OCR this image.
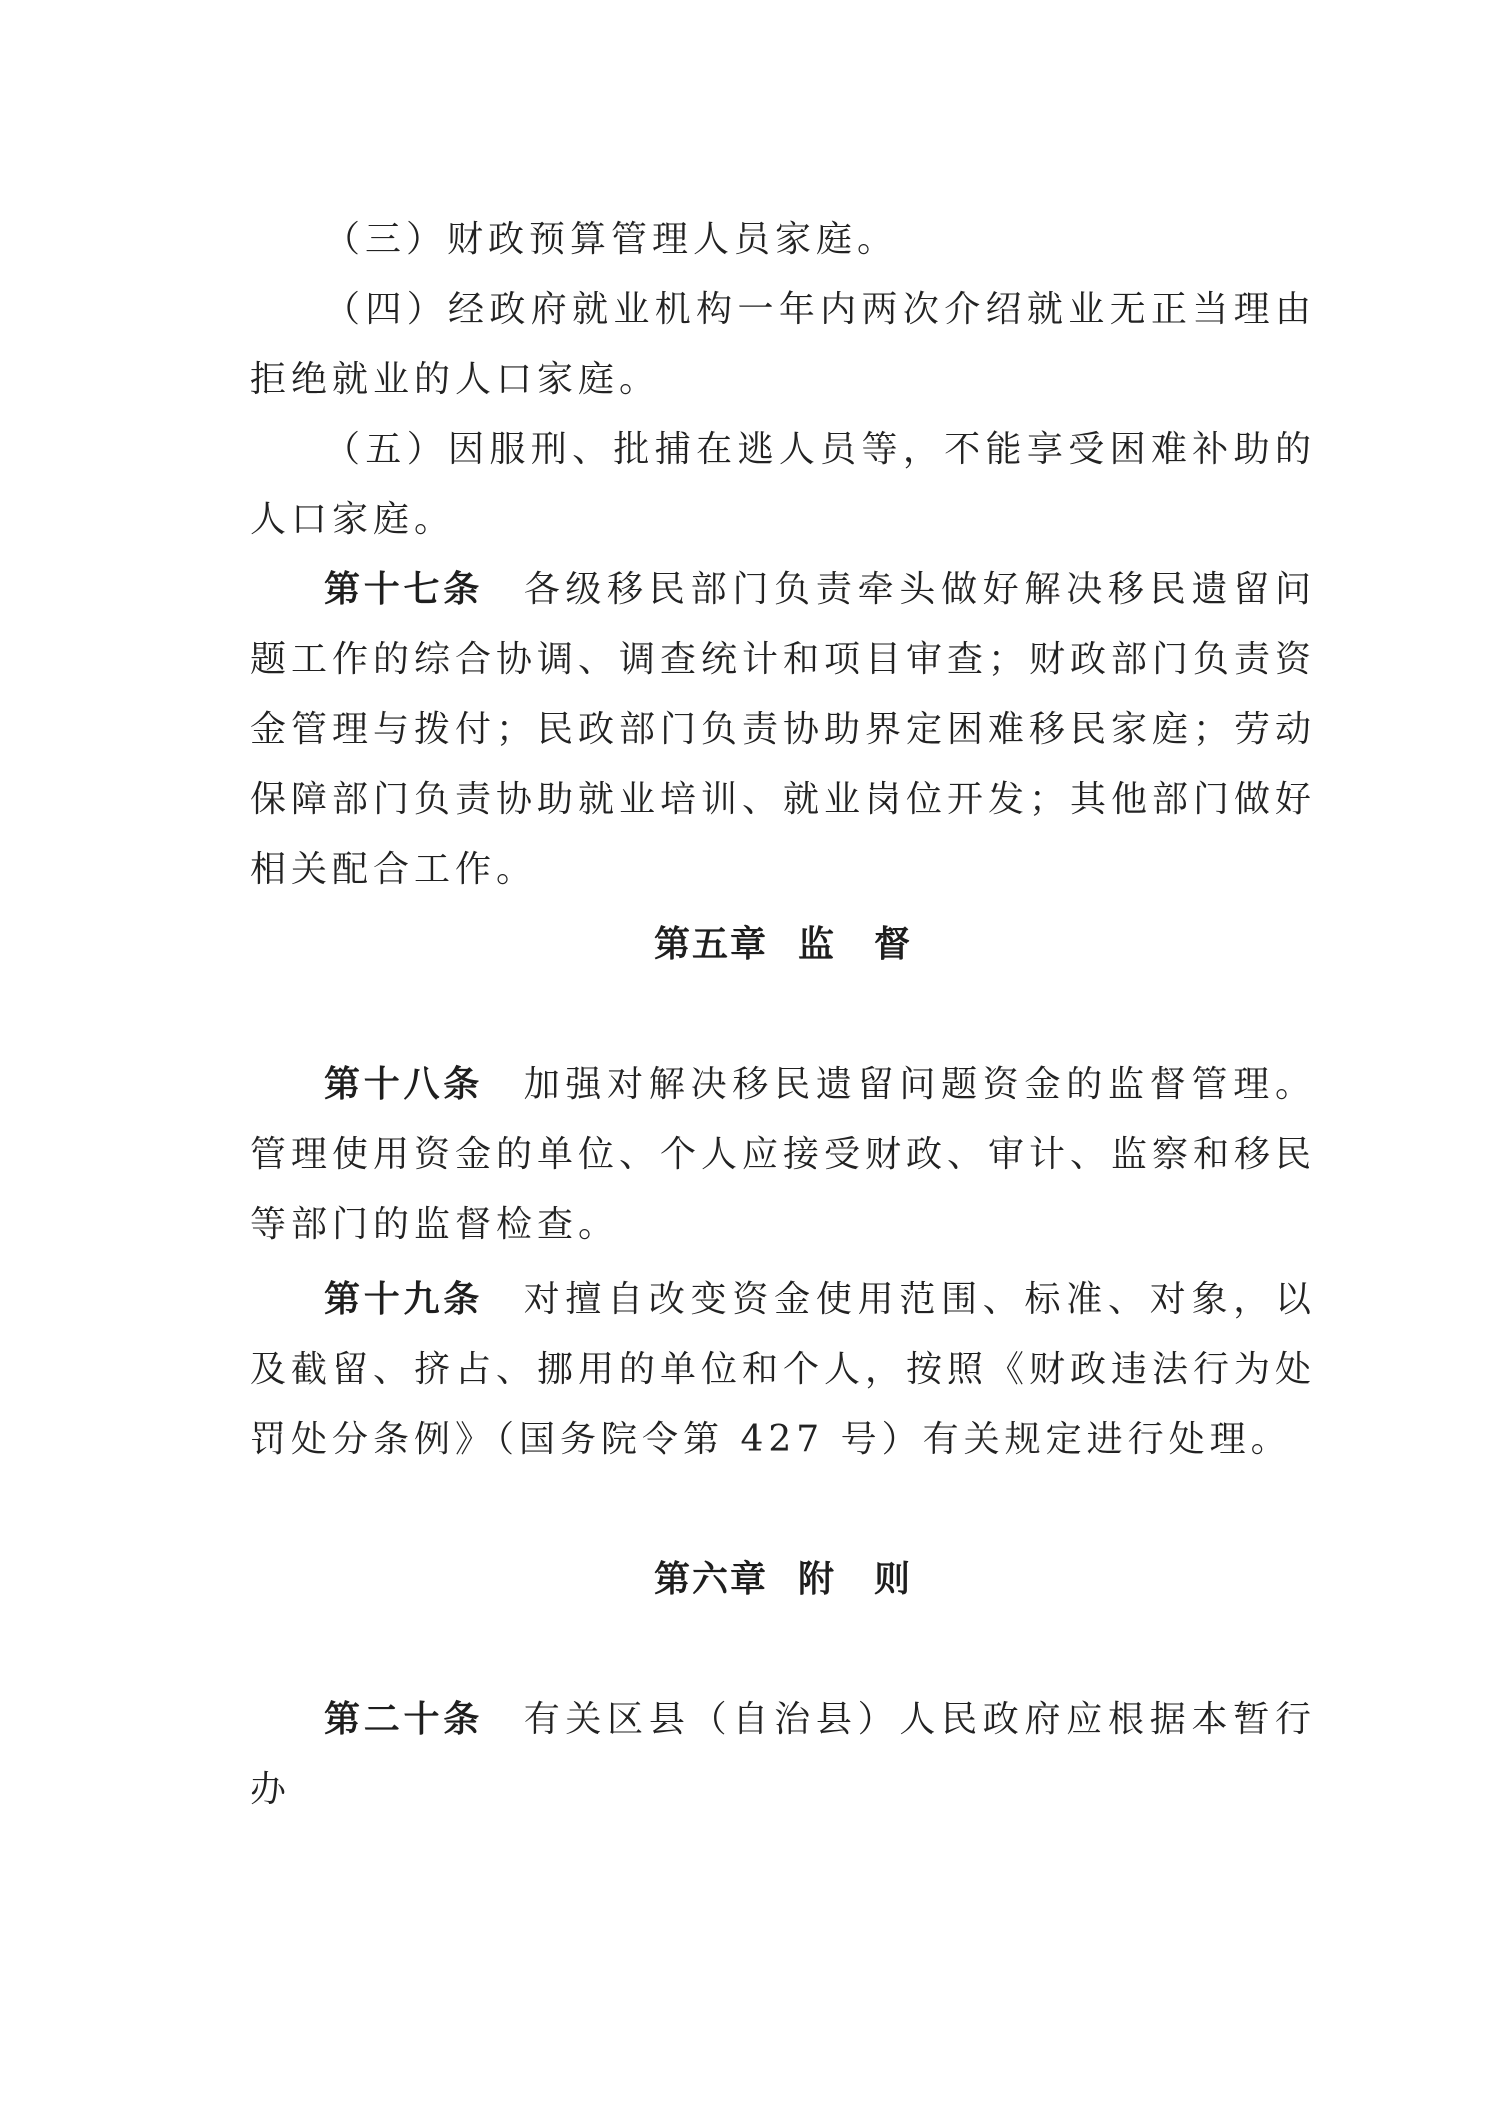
（三）财政预算管理人员家庭。

（四）经政府就业机构一年内两次介绍就业无正当理由拒绝就业的人口家庭。

（五）因服刑、批捕在逃人员等，不能享受困难补助的人口家庭。

第十七条 各级移民部门负责牵头做好解决移民遗留问题工作的综合协调、调查统计和项目审查；财政部门负责资金管理与拨付；民政部门负责协助界定困难移民家庭；劳动保障部门负责协助就业培训、就业岗位开发；其他部门做好相关配合工作。

第五章 监　督

第十八条 加强对解决移民遗留问题资金的监督管理。管理使用资金的单位、个人应接受财政、审计、监察和移民等部门的监督检查。

第十九条 对擅自改变资金使用范围、标准、对象，以及截留、挤占、挪用的单位和个人，按照《财政违法行为处罚处分条例》（国务院令第 427 号）有关规定进行处理。

第六章 附　则

第二十条 有关区县（自治县）人民政府应根据本暂行办
